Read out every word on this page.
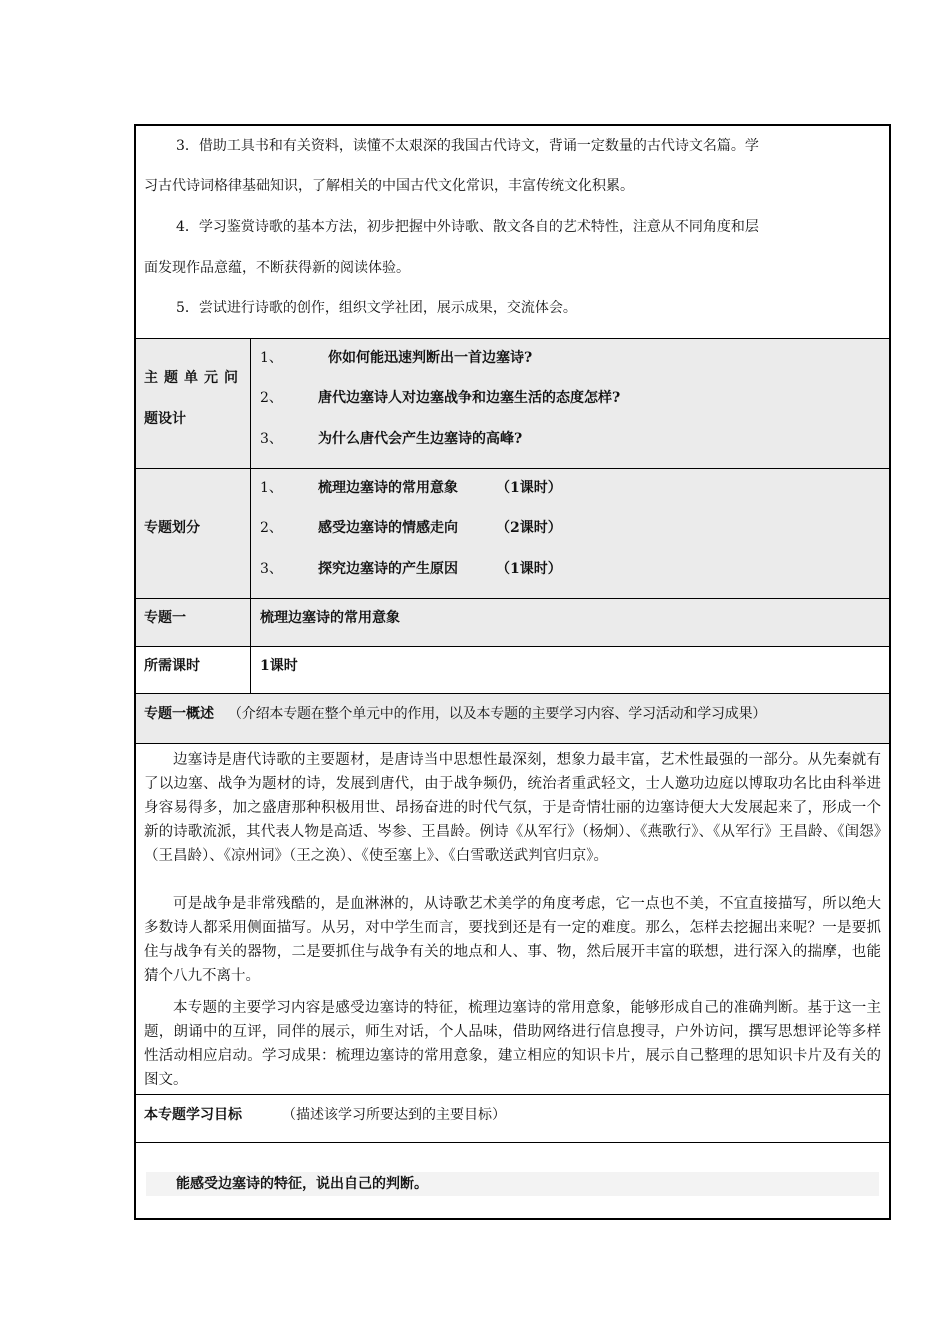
3．借助工具书和有关资料，读懂不太艰深的我国古代诗文，背诵一定数量的古代诗文名篇。学
习古代诗词格律基础知识，了解相关的中国古代文化常识，丰富传统文化积累。
4．学习鉴赏诗歌的基本方法，初步把握中外诗歌、散文各自的艺术特性，注意从不同角度和层
面发现作品意蕴，不断获得新的阅读体验。
5．尝试进行诗歌的创作，组织文学社团，展示成果，交流体会。
主题单元问
题设计
1、	你如何能迅速判断出一首边塞诗?
2、	唐代边塞诗人对边塞战争和边塞生活的态度怎样?
3、	为什么唐代会产生边塞诗的高峰?
专题划分
1、	梳理边塞诗的常用意象	（1课时）
2、	感受边塞诗的情感走向	（2课时）
3、	探究边塞诗的产生原因	（1课时）
专题一	梳理边塞诗的常用意象
所需课时	1课时
专题一概述 （介绍本专题在整个单元中的作用，以及本专题的主要学习内容、学习活动和学习成果）
边塞诗是唐代诗歌的主要题材，是唐诗当中思想性最深刻，想象力最丰富，艺术性最强的一部分。从先秦就有了以边塞、战争为题材的诗，发展到唐代，由于战争频仍，统治者重武轻文，士人邀功边庭以博取功名比由科举进身容易得多，加之盛唐那种积极用世、昂扬奋进的时代气氛，于是奇情壮丽的边塞诗便大大发展起来了，形成一个新的诗歌流派，其代表人物是高适、岑参、王昌龄。例诗《从军行》（杨炯）、《燕歌行》、《从军行》王昌龄、《闺怨》（王昌龄）、《凉州词》（王之涣）、《使至塞上》、《白雪歌送武判官归京》。
可是战争是非常残酷的，是血淋淋的，从诗歌艺术美学的角度考虑，它一点也不美，不宜直接描写，所以绝大多数诗人都采用侧面描写。从另，对中学生而言，要找到还是有一定的难度。那么，怎样去挖掘出来呢？一是要抓住与战争有关的器物，二是要抓住与战争有关的地点和人、事、物，然后展开丰富的联想，进行深入的揣摩，也能猜个八九不离十。
本专题的主要学习内容是感受边塞诗的特征，梳理边塞诗的常用意象，能够形成自己的准确判断。基于这一主题，朗诵中的互评，同伴的展示，师生对话，个人品味，借助网络进行信息搜寻，户外访问，撰写思想评论等多样性活动相应启动。学习成果：梳理边塞诗的常用意象，建立相应的知识卡片，展示自己整理的思知识卡片及有关的图文。
本专题学习目标	（描述该学习所要达到的主要目标）
能感受边塞诗的特征，说出自己的判断。
